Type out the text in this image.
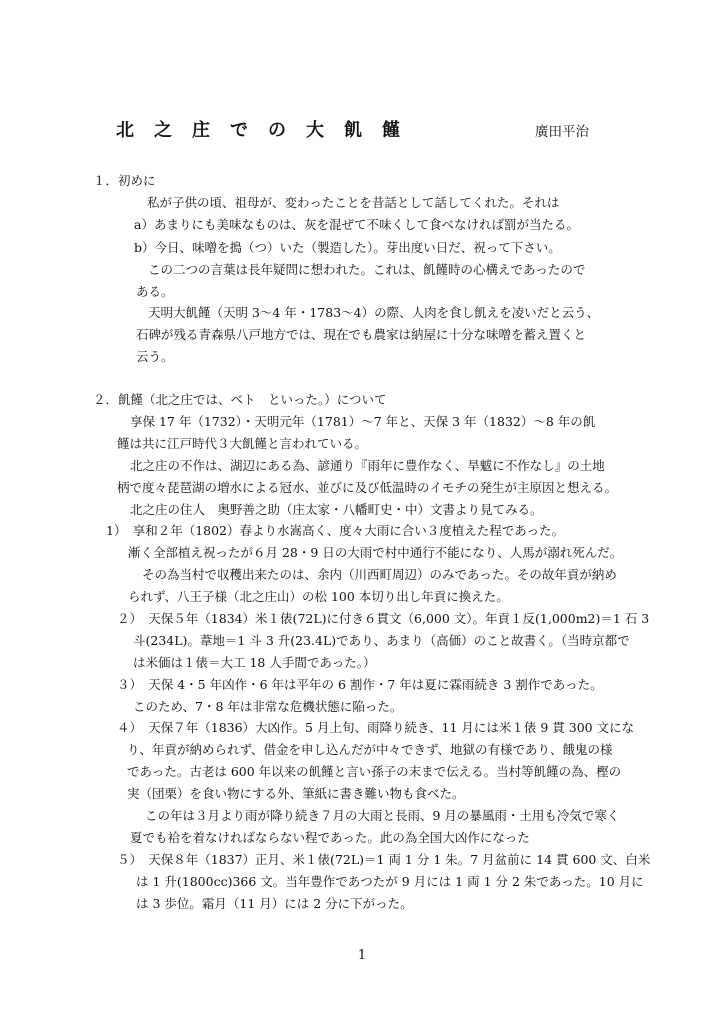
北之庄での大飢饉	廣田平治
１．初めに
私が子供の頃、祖母が、変わったことを昔話として話してくれた。それは
a）あまりにも美味なものは、灰を混ぜて不味くして食べなければ罰が当たる。
b）今日、味噌を搗（つ）いた（製造した）。芽出度い日だ、祝って下さい。
この二つの言葉は長年疑問に想われた。これは、飢饉時の心構えであったので
ある。
天明大飢饉（天明 3～4 年・1783～4）の際、人肉を食し飢えを凌いだと云う、
石碑が残る青森県八戸地方では、現在でも農家は納屋に十分な味噌を蓄え置くと
云う。
２．飢饉（北之庄では、ベト　といった。）について
享保 17 年（1732）・天明元年（1781）～7 年と、天保 3 年（1832）～8 年の飢
饉は共に江戸時代３大飢饉と言われている。
北之庄の不作は、湖辺にある為、諺通り『雨年に豊作なく、旱魃に不作なし』の土地
柄で度々琵琶湖の増水による冠水、並びに及び低温時のイモチの発生が主原因と想える。
北之庄の住人　奥野善之助（庄太家・八幡町史・中）文書より見てみる。
1）　享和２年（1802）春より水嵩高く、度々大雨に合い３度植えた程であった。
漸く全部植え祝ったが６月 28・9 日の大雨で村中通行不能になり、人馬が溺れ死んだ。
その為当村で収穫出来たのは、余内（川西町周辺）のみであった。その故年貢が納め
られず、八王子様（北之庄山）の松 100 本切り出し年貢に換えた。
２）　天保５年（1834）米１俵(72L)に付き６貫文（6,000 文）。年貢１反(1,000m2)＝1 石 3
斗(234L)。葦地＝1 斗 3 升(23.4L)であり、あまり（高価）のこと故書く。（当時京都で
は米価は１俵＝大工 18 人手間であった。）
３）　天保 4・5 年凶作・6 年は平年の 6 割作・7 年は夏に霖雨続き 3 割作であった。
このため、7・8 年は非常な危機状態に陥った。
４）　天保７年（1836）大凶作。5 月上旬、雨降り続き、11 月には米１俵 9 貫 300 文にな
り、年貢が納められず、借金を申し込んだが中々できず、地獄の有様であり、餓鬼の様
であった。古老は 600 年以来の飢饉と言い孫子の末まで伝える。当村等飢饉の為、樫の
実（団栗）を食い物にする外、筆紙に書き難い物も食べた。
この年は３月より雨が降り続き７月の大雨と長雨、9 月の暴風雨・土用も冷気で寒く
夏でも袷を着なければならない程であった。此の為全国大凶作になった
５）　天保８年（1837）正月、米１俵(72L)＝1 両 1 分 1 朱。7 月盆前に 14 貫 600 文、白米
は 1 升(1800cc)366 文。当年豊作であつたが 9 月には 1 両 1 分 2 朱であった。10 月に
は 3 歩位。霜月（11 月）には 2 分に下がった。
1
